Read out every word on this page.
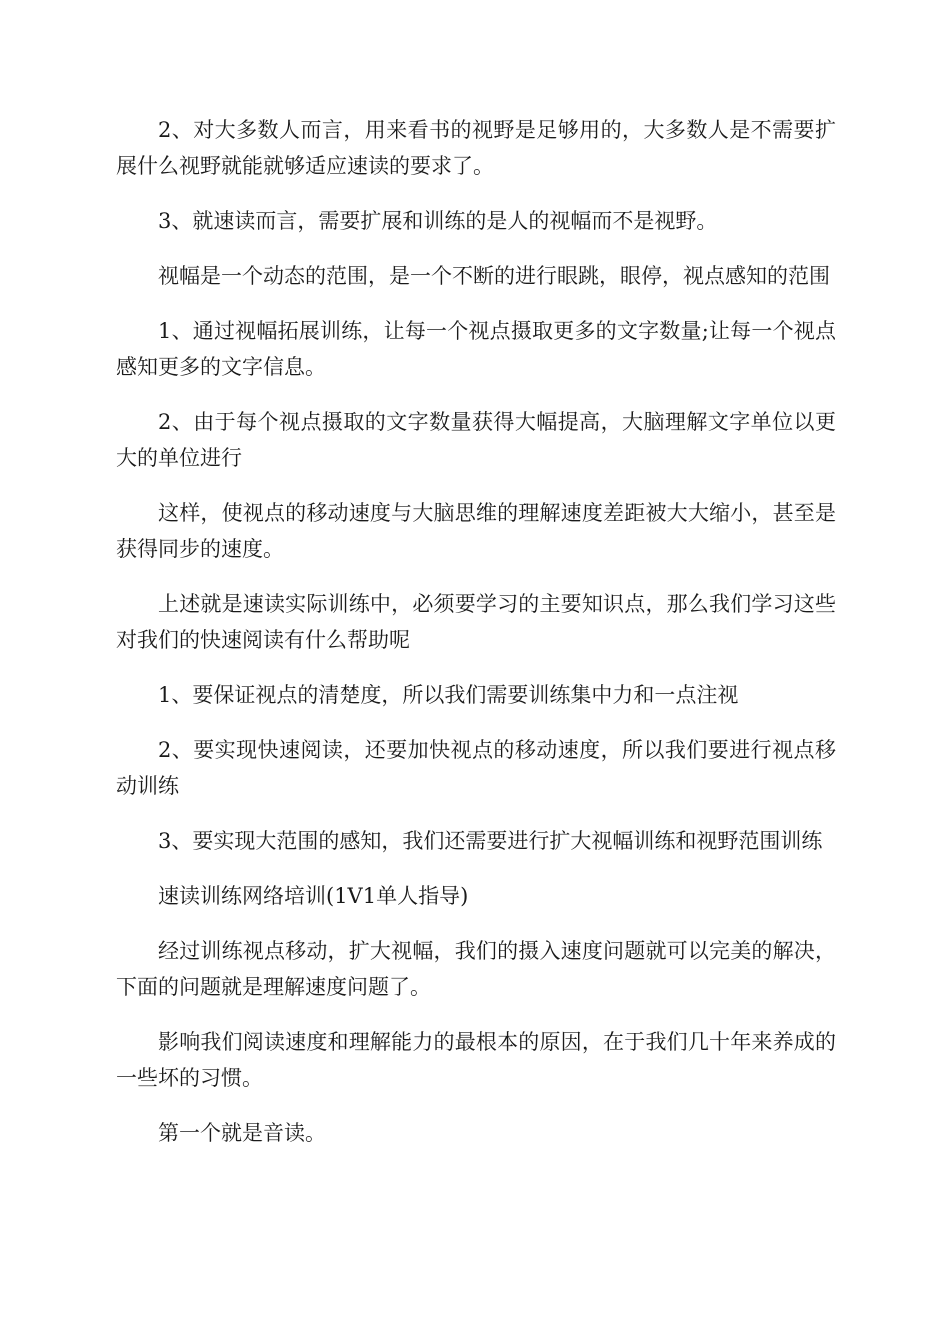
2、对大多数人而言，用来看书的视野是足够用的，大多数人是不需要扩展什么视野就能就够适应速读的要求了。

3、就速读而言，需要扩展和训练的是人的视幅而不是视野。

视幅是一个动态的范围，是一个不断的进行眼跳，眼停，视点感知的范围

1、通过视幅拓展训练，让每一个视点摄取更多的文字数量;让每一个视点感知更多的文字信息。

2、由于每个视点摄取的文字数量获得大幅提高，大脑理解文字单位以更大的单位进行

这样，使视点的移动速度与大脑思维的理解速度差距被大大缩小，甚至是获得同步的速度。

上述就是速读实际训练中，必须要学习的主要知识点，那么我们学习这些对我们的快速阅读有什么帮助呢

1、要保证视点的清楚度，所以我们需要训练集中力和一点注视

2、要实现快速阅读，还要加快视点的移动速度，所以我们要进行视点移动训练

3、要实现大范围的感知，我们还需要进行扩大视幅训练和视野范围训练

速读训练网络培训(1V1单人指导)

经过训练视点移动，扩大视幅，我们的摄入速度问题就可以完美的解决，下面的问题就是理解速度问题了。

影响我们阅读速度和理解能力的最根本的原因，在于我们几十年来养成的一些坏的习惯。

第一个就是音读。
